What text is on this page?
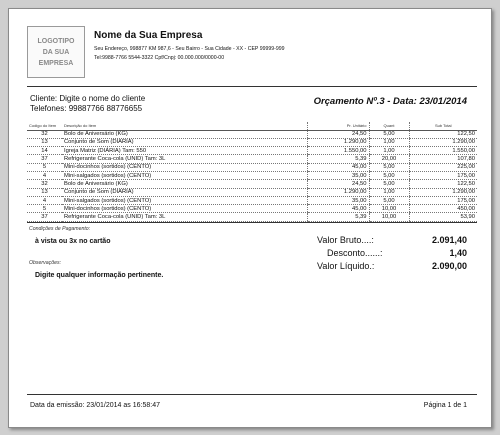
LOGOTIPO
DA SUA
EMPRESA
Nome da Sua Empresa
Seu Endereço, 998877 KM 987,6 - Seu Bairro - Sua Cidade - XX - CEP 99999-999
Tel:9988-7766 5544-3322 Cpf/Cnpj: 00.000.000/0000-00
Cliente: Digite o nome do cliente
Telefones: 99887766 88776655
Orçamento Nº.3 - Data: 23/01/2014
Codigo do Item	Descrição do Item	Pr. Unitário	Quant	Sub Total
32	Bolo de Aniversário (KG)	24,50	5,00	122,50
13	Conjunto de Som (DIÁRIA)	1.290,00	1,00	1.290,00
14	Igreja Matriz (DIÁRIA) Tam: 550	1.550,00	1,00	1.550,00
37	Refrigerante Coca-cola (UNID) Tam: 3L	5,39	20,00	107,80
5	Mini-docinhos (sortidos) (CENTO)	45,00	5,00	225,00
4	Mini-salgados (sortidos) (CENTO)	35,00	5,00	175,00
32	Bolo de Aniversário (KG)	24,50	5,00	122,50
13	Conjunto de Som (DIÁRIA)	1.290,00	1,00	1.290,00
4	Mini-salgados (sortidos) (CENTO)	35,00	5,00	175,00
5	Mini-docinhos (sortidos) (CENTO)	45,00	10,00	450,00
37	Refrigerante Coca-cola (UNID) Tam: 3L	5,39	10,00	53,90
Condições de Pagamento:
à vista ou 3x no cartão
Observações:
Digite qualquer informação pertinente.
Valor Bruto....:	2.091,40
Desconto......:	1,40
Valor Líquido.:	2.090,00
Data da emissão: 23/01/2014 as 16:58:47	Página 1 de 1
